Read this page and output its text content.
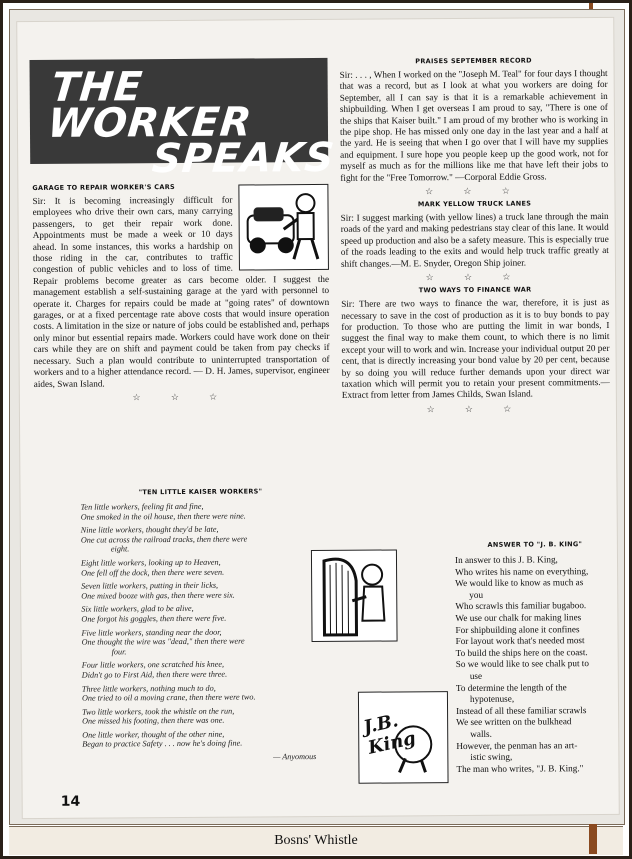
THE WORKER
SPEAKS
GARAGE TO REPAIR WORKER'S CARS

Sir: It is becoming increasingly difficult for employees who drive their own cars, many carrying passengers, to get their repair work done. Appointments must be made a week or 10 days ahead. In some instances, this works a hardship on those riding in the car, contributes to traffic congestion of public vehicles and to loss of time. Repair problems become greater as cars become older. I suggest the management establish a self-sustaining garage at the yard with personnel to operate it. Charges for repairs could be made at "going rates" of downtown garages, or at a fixed percentage rate above costs that would insure operation costs. A limitation in the size or nature of jobs could be established and, perhaps only minor but essential repairs made. Workers could have work done on their cars while they are on shift and payment could be taken from pay checks if necessary. Such a plan would contribute to uninterrupted transportation of workers and to a higher attendance record. — D. H. James, supervisor, engineer aides, Swan Island.

☆ ☆ ☆
"TEN LITTLE KAISER WORKERS"
Ten little workers, feeling fit and fine,
One smoked in the oil house, then there were nine.
Nine little workers, thought they'd be late,
One cut across the railroad tracks, then there were
eight.
Eight little workers, looking up to Heaven,
One fell off the dock, then there were seven.
Seven little workers, putting in their licks,
One mixed booze with gas, then there were six.
Six little workers, glad to be alive,
One forgot his goggles, then there were five.
Five little workers, standing near the door,
One thought the wire was "dead," then there were
four.
Four little workers, one scratched his knee,
Didn't go to First Aid, then there were three.
Three little workers, nothing much to do,
One tried to oil a moving crane, then there were two.
Two little workers, took the whistle on the run,
One missed his footing, then there was one.
One little worker, thought of the other nine,
Began to practice Safety . . . now he's doing fine.
— Anyomous
J.B. King
PRAISES SEPTEMBER RECORD

Sir: . . . , When I worked on the "Joseph M. Teal" for four days I thought that was a record, but as I look at what you workers are doing for September, all I can say is that it is a remarkable achievement in shipbuilding. When I get overseas I am proud to say, "There is one of the ships that Kaiser built." I am proud of my brother who is working in the pipe shop. He has missed only one day in the last year and a half at the yard. He is seeing that when I go over that I will have my supplies and equipment. I sure hope you people keep up the good work, not for myself as much as for the millions like me that have left their jobs to fight for the "Free Tomorrow." —Corporal Eddie Gross.

☆ ☆ ☆
MARK YELLOW TRUCK LANES

Sir: I suggest marking (with yellow lines) a truck lane through the main roads of the yard and making pedestrians stay clear of this lane. It would speed up production and also be a safety measure. This is especially true of the roads leading to the exits and would help truck traffic greatly at shift changes.—M. E. Snyder, Oregon Ship joiner.

☆ ☆ ☆
TWO WAYS TO FINANCE WAR

Sir: There are two ways to finance the war, therefore, it is just as necessary to save in the cost of production as it is to buy bonds to pay for production. To those who are putting the limit in war bonds, I suggest the final way to make them count, to which there is no limit except your will to work and win. Increase your individual output 20 per cent, that is directly increasing your bond value by 20 per cent, because by so doing you will reduce further demands upon your direct war taxation which will permit you to retain your present commitments.—Extract from letter from James Childs, Swan Island.

☆ ☆ ☆
ANSWER TO "J. B. KING"
In answer to this J. B. King,
Who writes his name on everything,
We would like to know as much as
you
Who scrawls this familiar bugaboo.
We use our chalk for making lines
For shipbuilding alone it confines
For layout work that's needed most
To build the ships here on the coast.
So we would like to see chalk put to
use
To determine the length of the
hypotenuse,
Instead of all these familiar scrawls
We see written on the bulkhead
walls.
However, the penman has an art-
istic swing,
The man who writes, "J. B. King."
14
Bosns' Whistle
